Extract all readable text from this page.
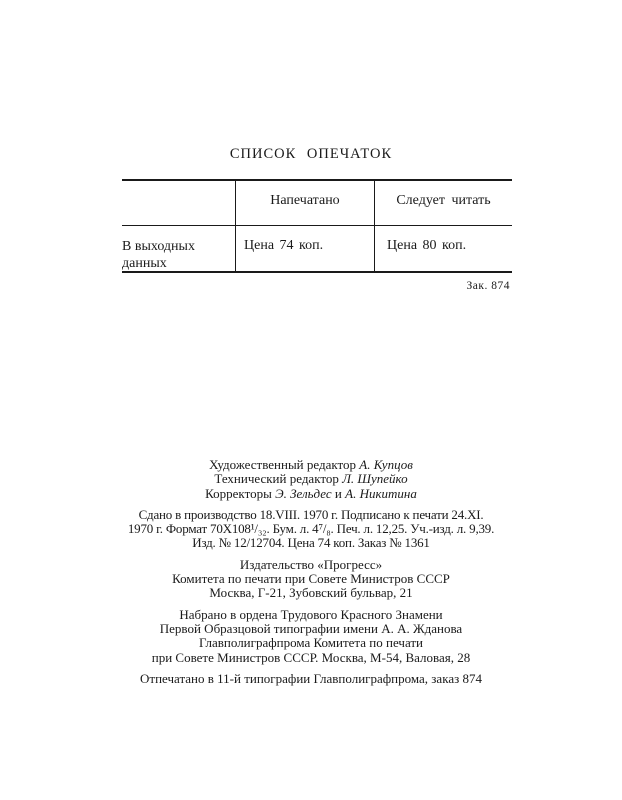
СПИСОК ОПЕЧАТОК
Напечатано	Следует читать
В выходных данных
Цена 74 коп.	Цена 80 коп.
Зак. 874
Художественный редактор А. Купцов
Технический редактор Л. Шупейко
Корректоры Э. Зельдес и А. Никитина
Сдано в производство 18.VIII. 1970 г. Подписано к печати 24.XI.
1970 г. Формат 70X108¹/₃₂. Бум. л. 4⁷/₈. Печ. л. 12,25. Уч.-изд. л. 9,39.
Изд. № 12/12704. Цена 74 коп. Заказ № 1361
Издательство «Прогресс»
Комитета по печати при Совете Министров СССР
Москва, Г-21, Зубовский бульвар, 21
Набрано в ордена Трудового Красного Знамени
Первой Образцовой типографии имени А. А. Жданова
Главполиграфпрома Комитета по печати
при Совете Министров СССР. Москва, М-54, Валовая, 28
Отпечатано в 11-й типографии Главполиграфпрома, заказ 874
